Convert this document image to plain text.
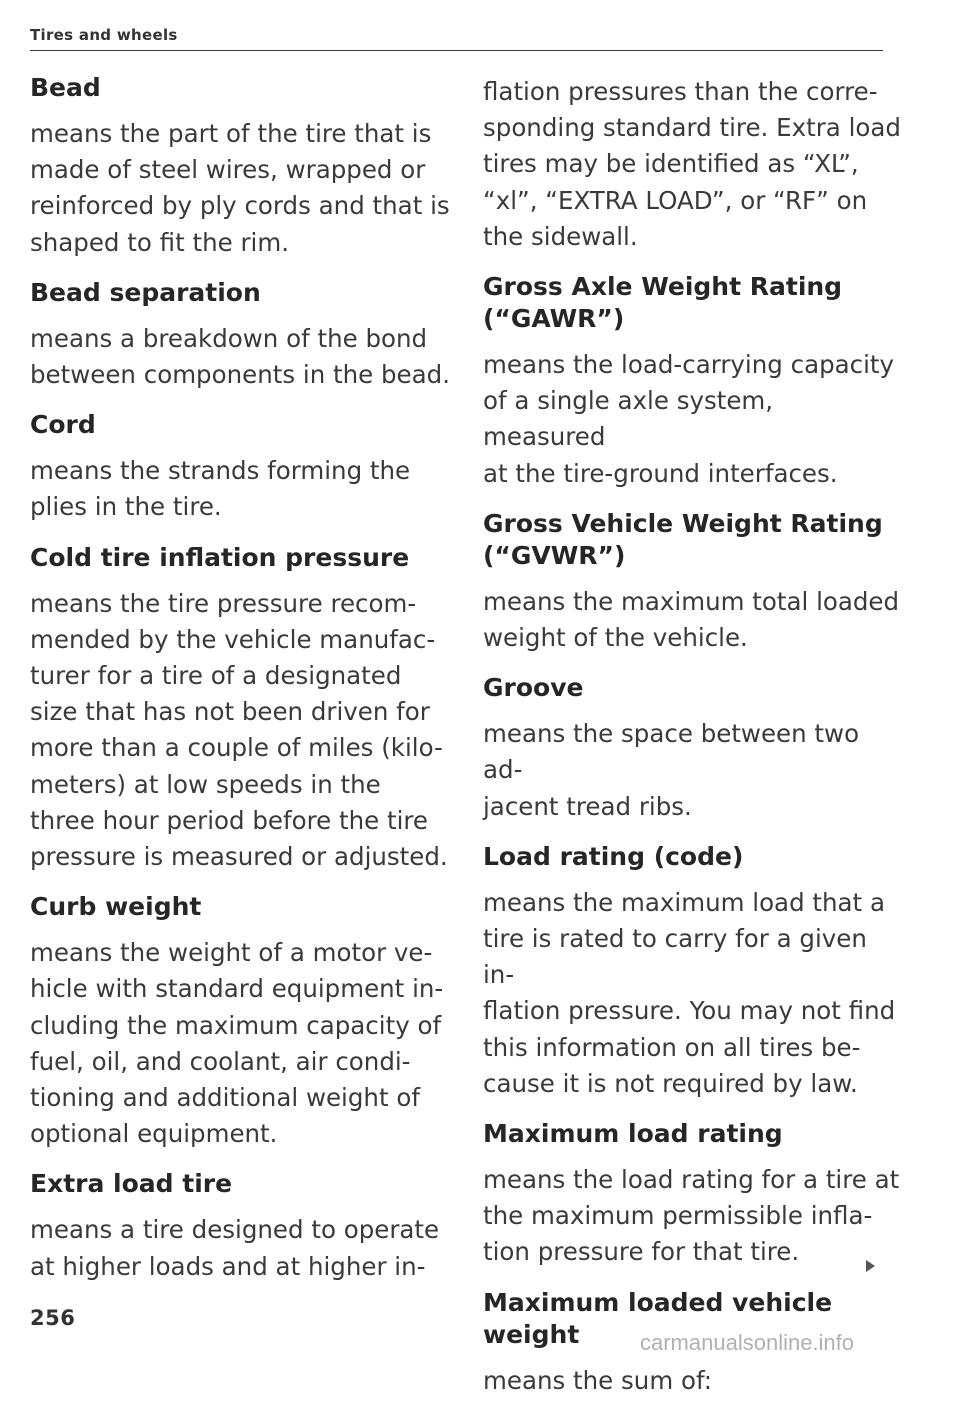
Tires and wheels
Bead
means the part of the tire that is
made of steel wires, wrapped or
reinforced by ply cords and that is
shaped to fit the rim.
Bead separation
means a breakdown of the bond
between components in the bead.
Cord
means the strands forming the
plies in the tire.
Cold tire inflation pressure
means the tire pressure recom-
mended by the vehicle manufac-
turer for a tire of a designated
size that has not been driven for
more than a couple of miles (kilo-
meters) at low speeds in the
three hour period before the tire
pressure is measured or adjusted.
Curb weight
means the weight of a motor ve-
hicle with standard equipment in-
cluding the maximum capacity of
fuel, oil, and coolant, air condi-
tioning and additional weight of
optional equipment.
Extra load tire
means a tire designed to operate
at higher loads and at higher in-
flation pressures than the corre-
sponding standard tire. Extra load
tires may be identified as “XL”,
“xl”, “EXTRA LOAD”, or “RF” on
the sidewall.
Gross Axle Weight Rating
(“GAWR”)
means the load-carrying capacity
of a single axle system, measured
at the tire-ground interfaces.
Gross Vehicle Weight Rating
(“GVWR”)
means the maximum total loaded
weight of the vehicle.
Groove
means the space between two ad-
jacent tread ribs.
Load rating (code)
means the maximum load that a
tire is rated to carry for a given in-
flation pressure. You may not find
this information on all tires be-
cause it is not required by law.
Maximum load rating
means the load rating for a tire at
the maximum permissible infla-
tion pressure for that tire.
Maximum loaded vehicle
weight
means the sum of:
256
carmanualsonline.info
